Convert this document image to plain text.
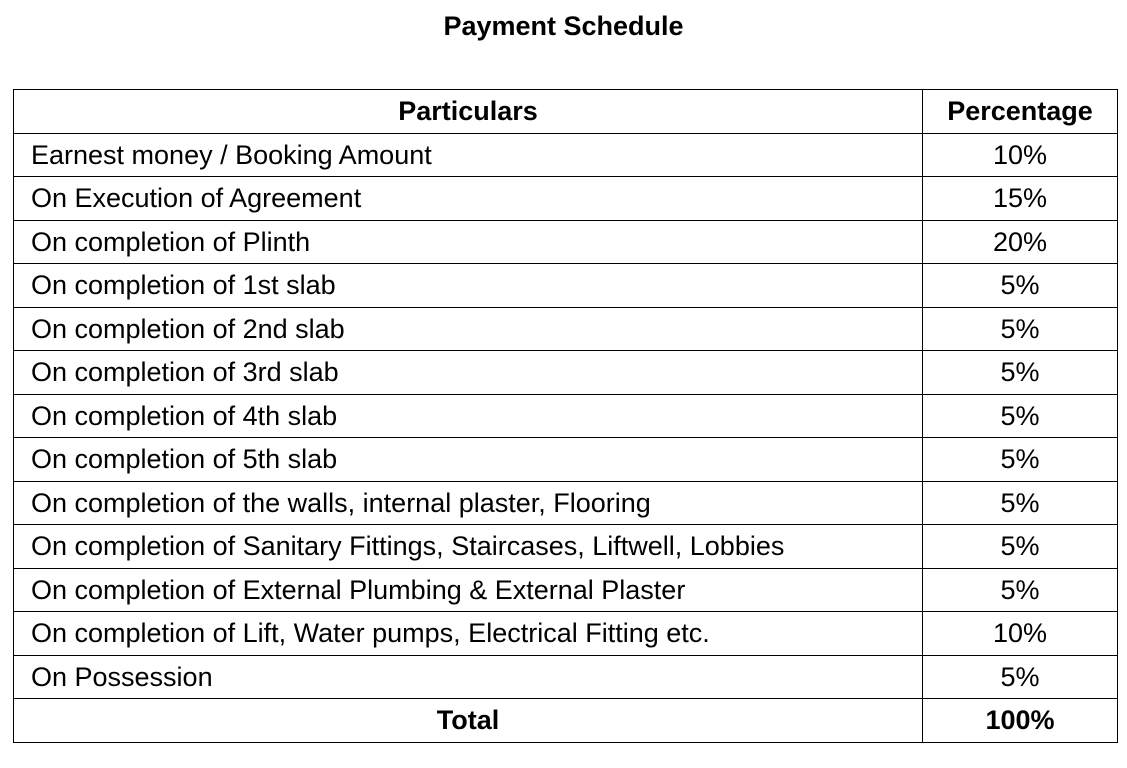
Payment Schedule
Particulars	Percentage
Earnest money / Booking Amount	10%
On Execution of Agreement	15%
On completion of Plinth	20%
On completion of 1st slab	5%
On completion of 2nd slab	5%
On completion of 3rd slab	5%
On completion of 4th slab	5%
On completion of 5th slab	5%
On completion of the walls, internal plaster, Flooring	5%
On completion of Sanitary Fittings, Staircases, Liftwell, Lobbies	5%
On completion of External Plumbing & External Plaster	5%
On completion of Lift, Water pumps, Electrical Fitting etc.	10%
On Possession	5%
Total	100%
